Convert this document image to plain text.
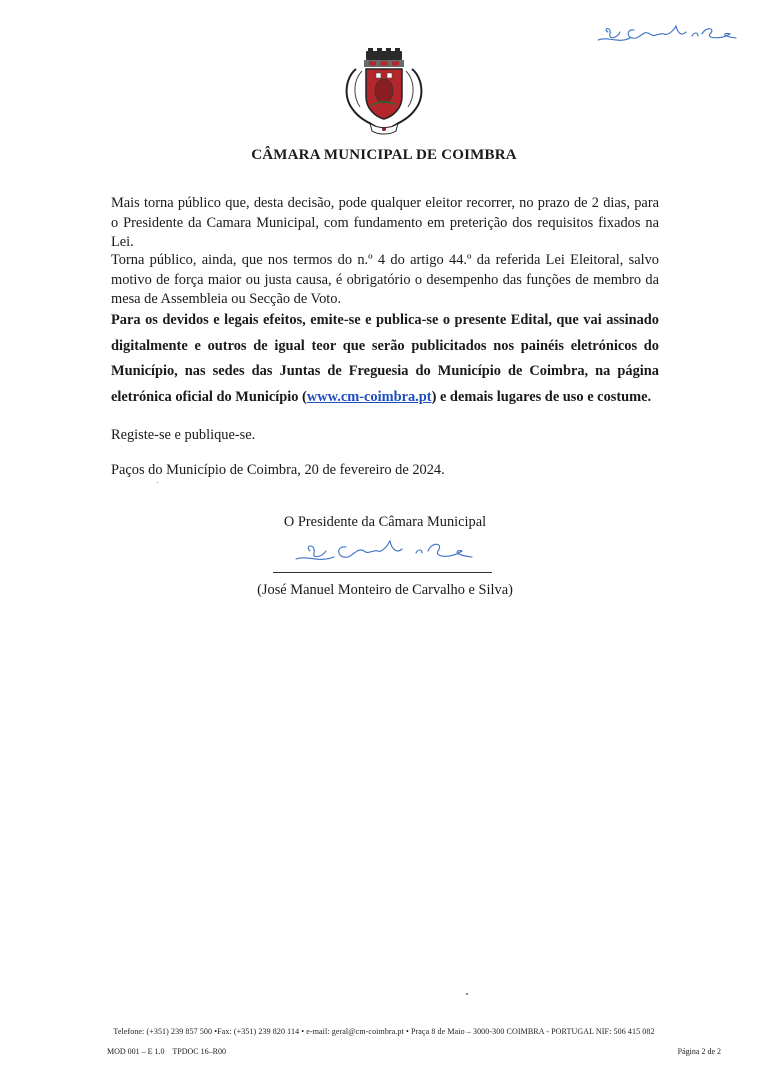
CÂMARA MUNICIPAL DE COIMBRA

Mais torna público que, desta decisão, pode qualquer eleitor recorrer, no prazo de 2 dias, para o Presidente da Camara Municipal, com fundamento em preterição dos requisitos fixados na Lei.

Torna público, ainda, que nos termos do n.º 4 do artigo 44.º da referida Lei Eleitoral, salvo motivo de força maior ou justa causa, é obrigatório o desempenho das funções de membro da mesa de Assembleia ou Secção de Voto.

Para os devidos e legais efeitos, emite-se e publica-se o presente Edital, que vai assinado digitalmente e outros de igual teor que serão publicitados nos painéis eletrónicos do Município, nas sedes das Juntas de Freguesia do Município de Coimbra, na página eletrónica oficial do Município (www.cm-coimbra.pt) e demais lugares de uso e costume.

Registe-se e publique-se.

Paços do Município de Coimbra, 20 de fevereiro de 2024.

O Presidente da Câmara Municipal
(José Manuel Monteiro de Carvalho e Silva)
Telefone: (+351) 239 857 500 •Fax: (+351) 239 820 114 • e-mail: geral@cm-coimbra.pt • Praça 8 de Maio – 3000-300 COIMBRA - PORTUGAL NIF: 506 415 082
MOD 001 – E 1.0    TPDOC 16–R00	Página 2 de 2
